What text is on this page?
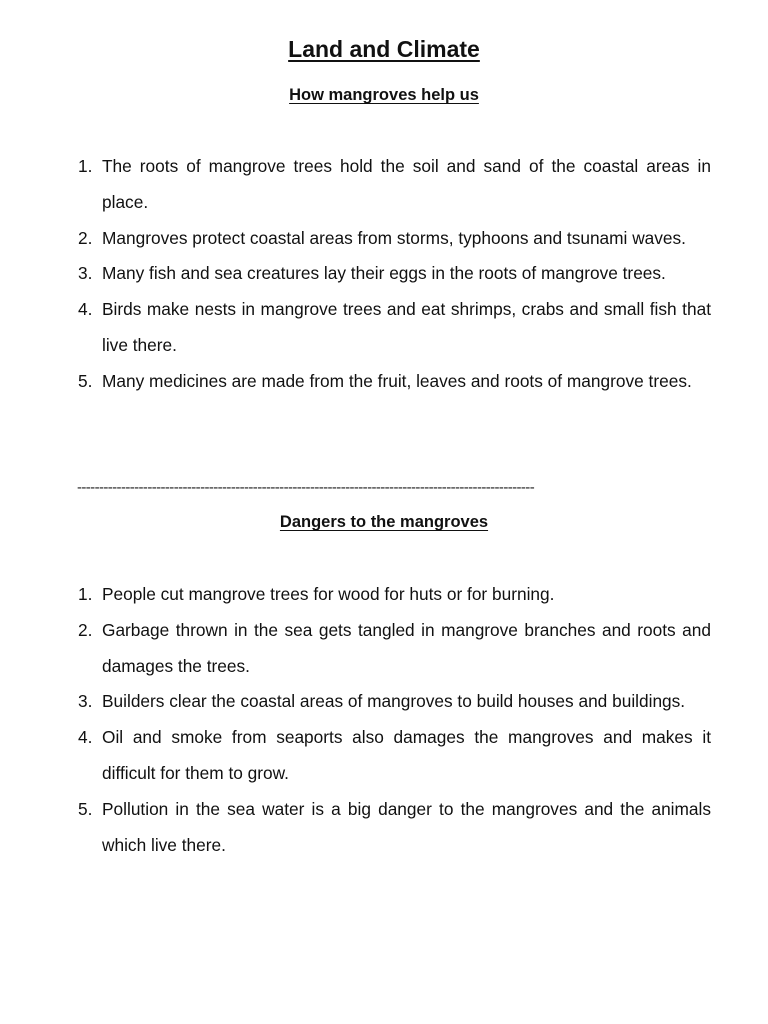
Land and Climate
How mangroves help us
1. The roots of mangrove trees hold the soil and sand of the coastal areas in place.
2. Mangroves protect coastal areas from storms, typhoons and tsunami waves.
3. Many fish and sea creatures lay their eggs in the roots of mangrove trees.
4. Birds make nests in mangrove trees and eat shrimps, crabs and small fish that live there.
5. Many medicines are made from the fruit, leaves and roots of mangrove trees.
--------------------------------------------------------------------------------------------------------
Dangers to the mangroves
1. People cut mangrove trees for wood for huts or for burning.
2. Garbage thrown in the sea gets tangled in mangrove branches and roots and damages the trees.
3. Builders clear the coastal areas of mangroves to build houses and buildings.
4. Oil and smoke from seaports also damages the mangroves and makes it difficult for them to grow.
5. Pollution in the sea water is a big danger to the mangroves and the animals which live there.
